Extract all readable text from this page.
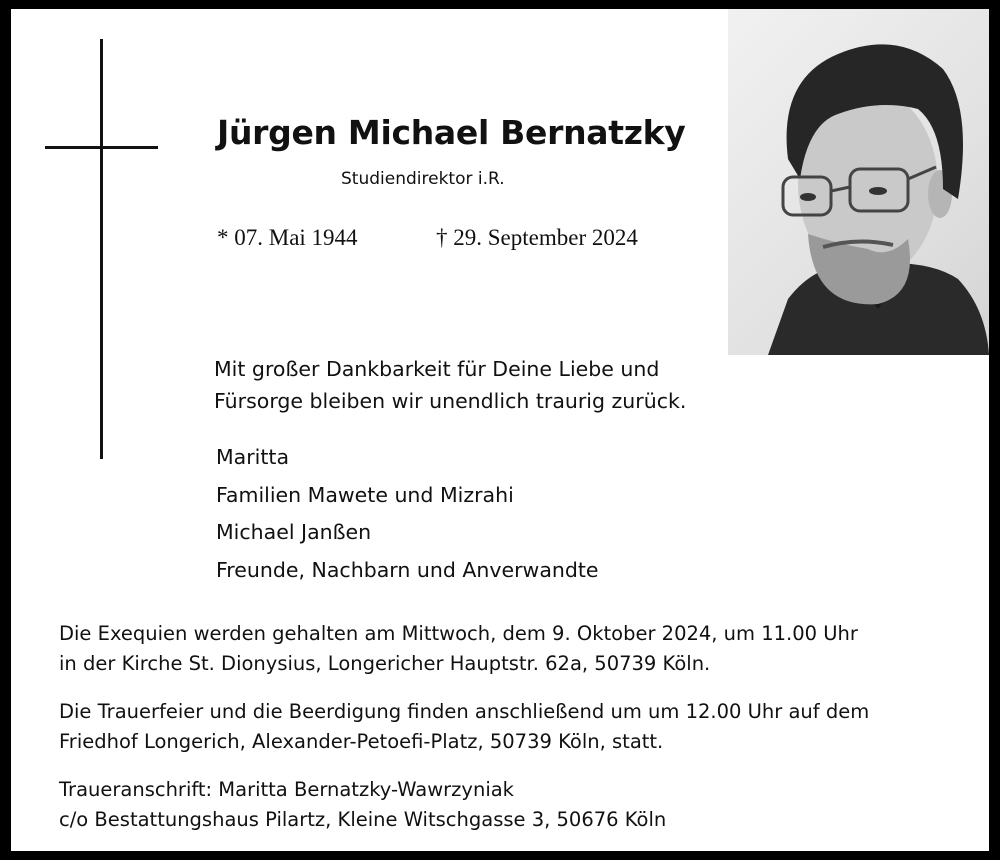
Jürgen Michael Bernatzky
Studiendirektor i.R.
* 07. Mai 1944	† 29. September 2024
Mit großer Dankbarkeit für Deine Liebe und
Fürsorge bleiben wir unendlich traurig zurück.
Maritta
Familien Mawete und Mizrahi
Michael Janßen
Freunde, Nachbarn und Anverwandte
Die Exequien werden gehalten am Mittwoch, dem 9. Oktober 2024, um 11.00 Uhr
in der Kirche St. Dionysius, Longericher Hauptstr. 62a, 50739 Köln.
Die Trauerfeier und die Beerdigung finden anschließend um um 12.00 Uhr auf dem
Friedhof Longerich, Alexander-Petoefi-Platz, 50739 Köln, statt.
Traueranschrift: Maritta Bernatzky-Wawrzyniak
c/o Bestattungshaus Pilartz, Kleine Witschgasse 3, 50676 Köln
